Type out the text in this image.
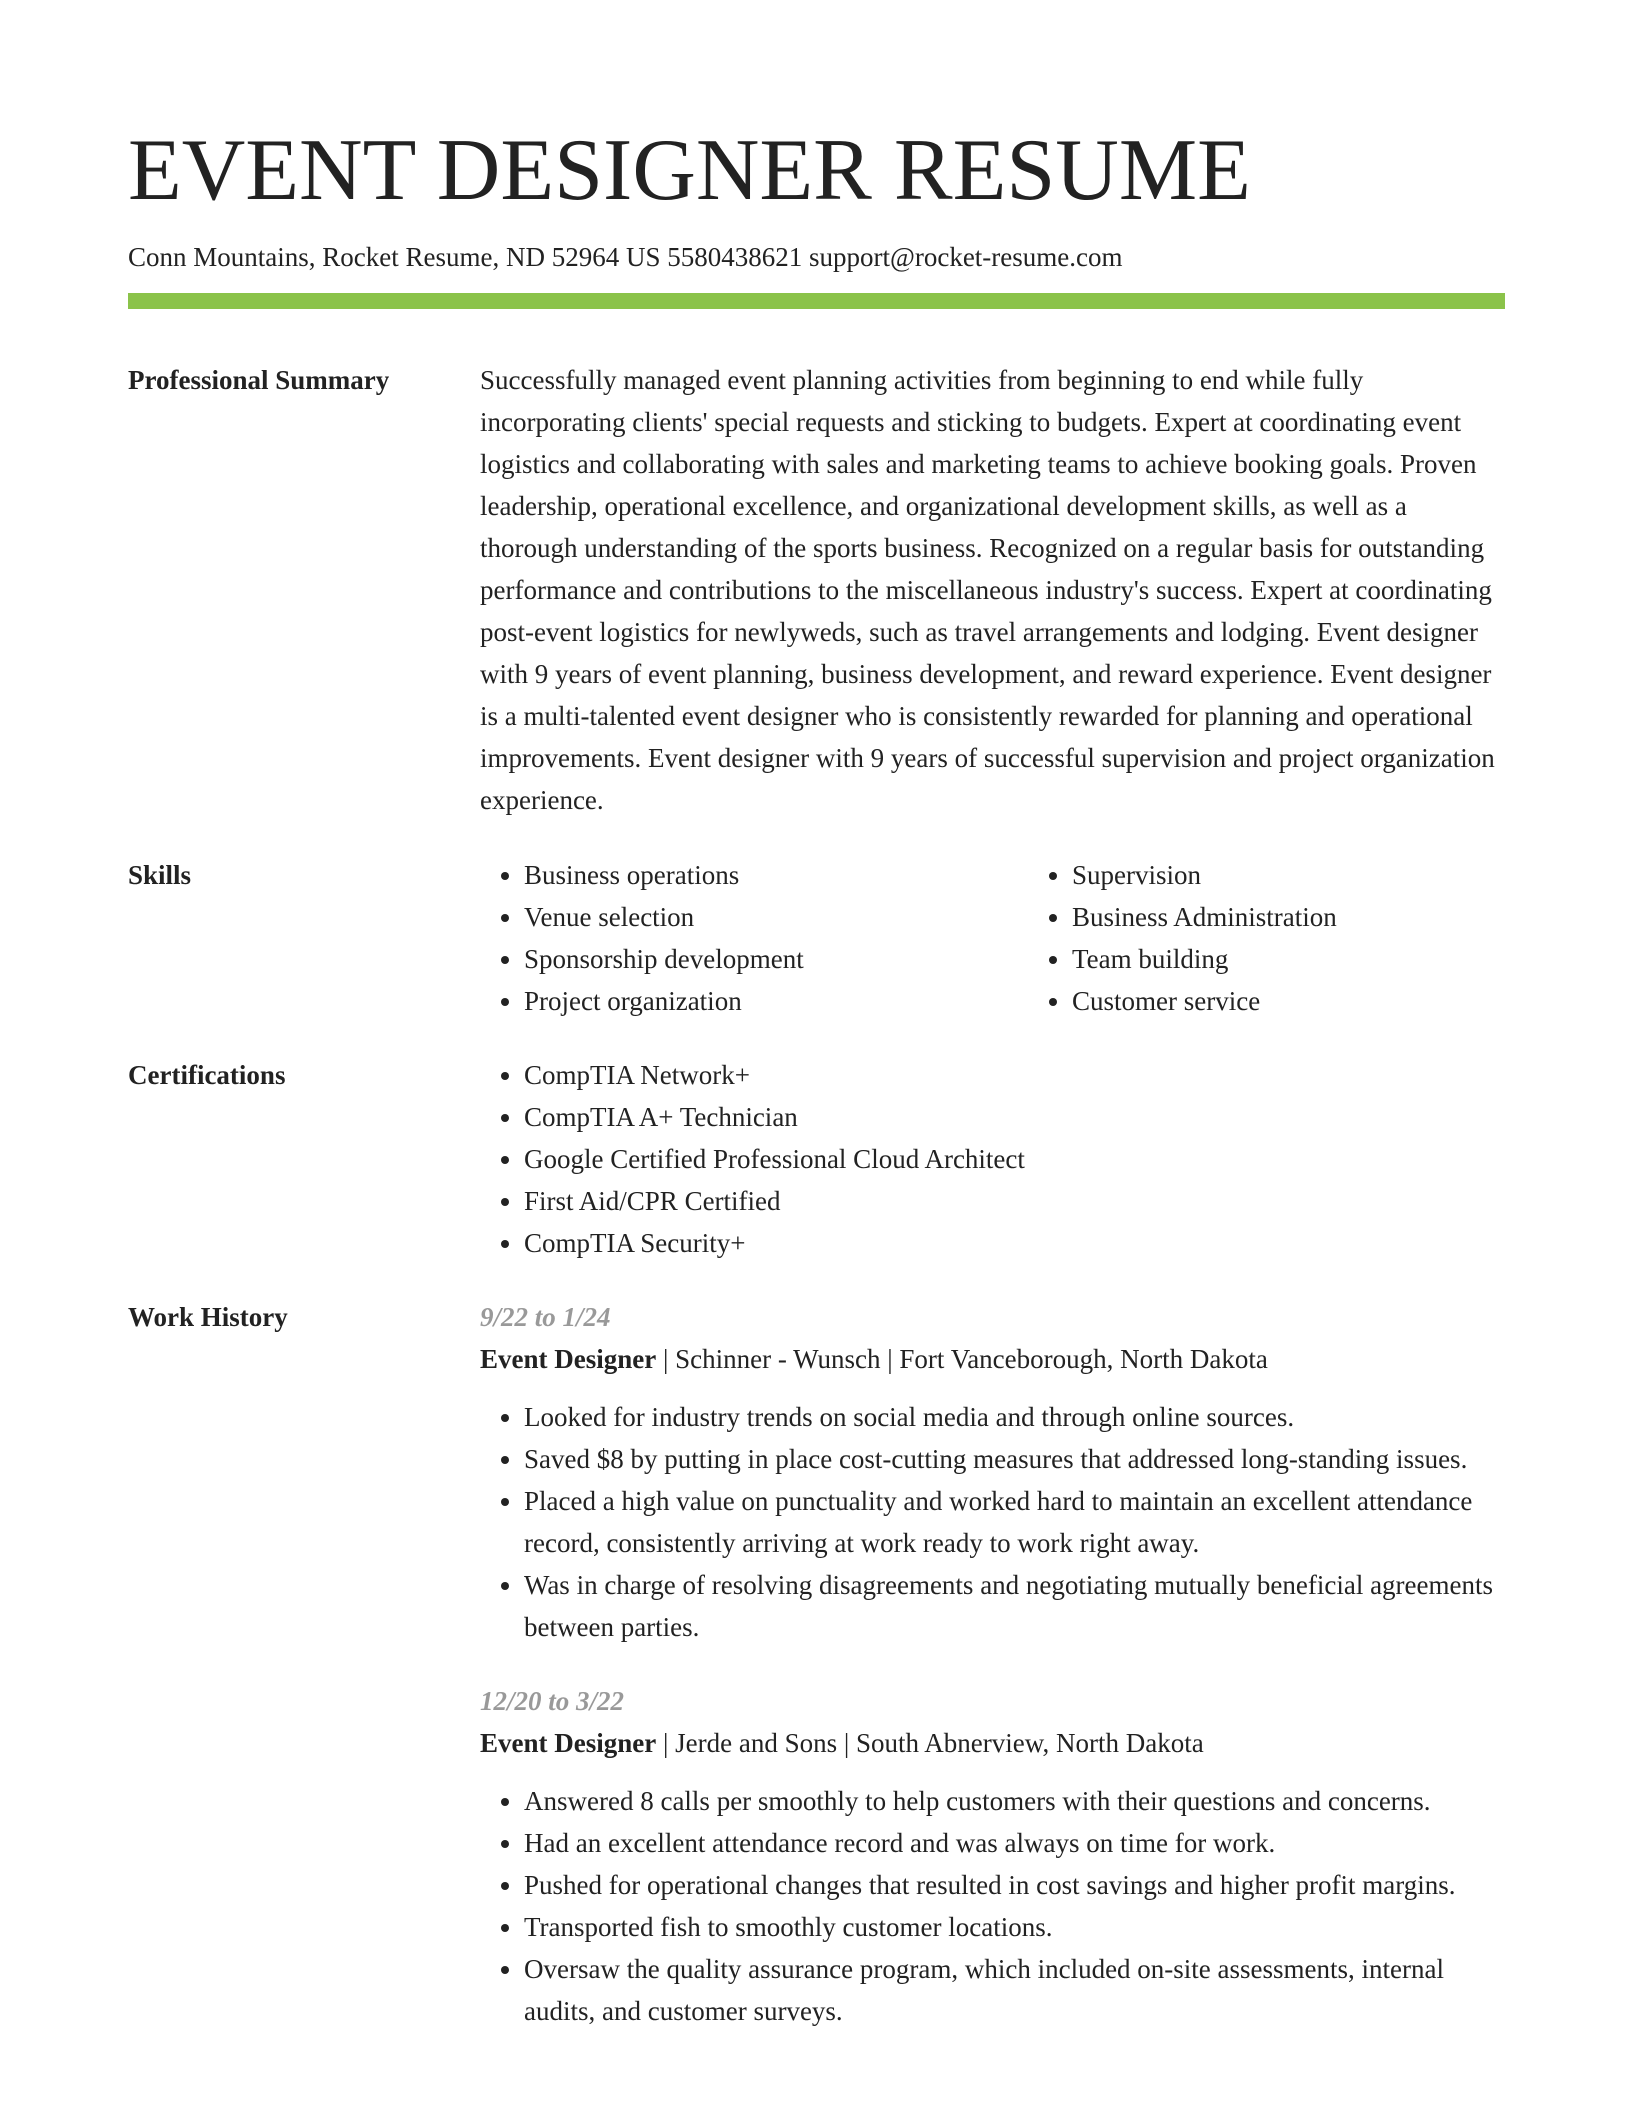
EVENT DESIGNER RESUME
Conn Mountains, Rocket Resume, ND 52964 US 5580438621 support@rocket-resume.com
Professional Summary	Successfully managed event planning activities from beginning to end while fully incorporating clients' special requests and sticking to budgets. Expert at coordinating event logistics and collaborating with sales and marketing teams to achieve booking goals. Proven leadership, operational excellence, and organizational development skills, as well as a thorough understanding of the sports business. Recognized on a regular basis for outstanding performance and contributions to the miscellaneous industry's success. Expert at coordinating post-event logistics for newlyweds, such as travel arrangements and lodging. Event designer with 9 years of event planning, business development, and reward experience. Event designer is a multi-talented event designer who is consistently rewarded for planning and operational improvements. Event designer with 9 years of successful supervision and project organization experience.
Skills	• Business operations
• Venue selection
• Sponsorship development
• Project organization
• Supervision
• Business Administration
• Team building
• Customer service
Certifications	• CompTIA Network+
• CompTIA A+ Technician
• Google Certified Professional Cloud Architect
• First Aid/CPR Certified
• CompTIA Security+
Work History	9/22 to 1/24
Event Designer | Schinner - Wunsch | Fort Vanceborough, North Dakota
• Looked for industry trends on social media and through online sources.
• Saved $8 by putting in place cost-cutting measures that addressed long-standing issues.
• Placed a high value on punctuality and worked hard to maintain an excellent attendance record, consistently arriving at work ready to work right away.
• Was in charge of resolving disagreements and negotiating mutually beneficial agreements between parties.
12/20 to 3/22
Event Designer | Jerde and Sons | South Abnerview, North Dakota
• Answered 8 calls per smoothly to help customers with their questions and concerns.
• Had an excellent attendance record and was always on time for work.
• Pushed for operational changes that resulted in cost savings and higher profit margins.
• Transported fish to smoothly customer locations.
• Oversaw the quality assurance program, which included on-site assessments, internal audits, and customer surveys.
